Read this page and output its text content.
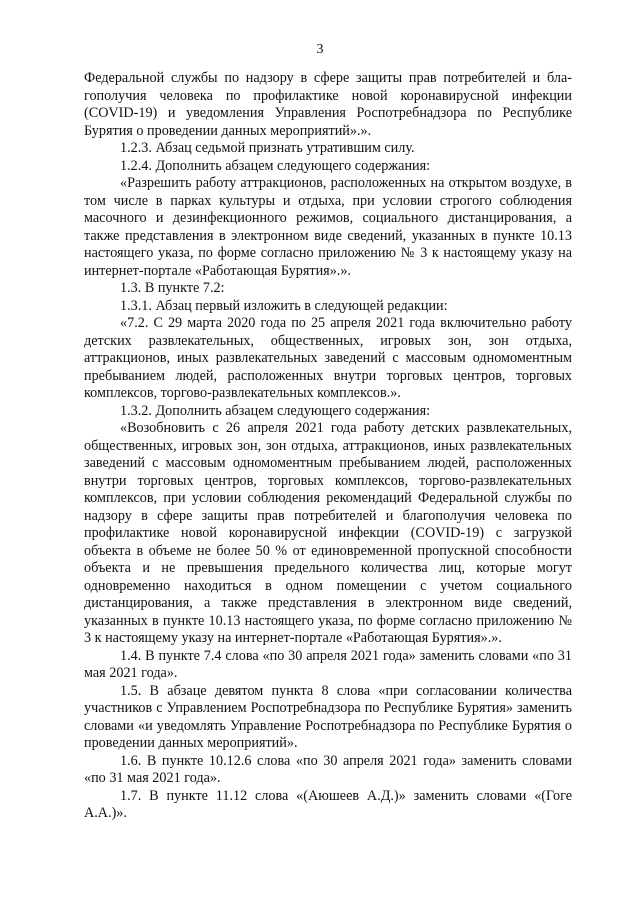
3

Федеральной службы по надзору в сфере защиты прав потребителей и благополучия человека по профилактике новой коронавирусной инфекции (COVID-19) и уведомления Управления Роспотребнадзора по Республике Бурятия о проведении данных мероприятий».».

1.2.3. Абзац седьмой признать утратившим силу.

1.2.4. Дополнить абзацем следующего содержания:

«Разрешить работу аттракционов, расположенных на открытом воздухе, в том числе в парках культуры и отдыха, при условии строгого соблюдения масочного и дезинфекционного режимов, социального дистанцирования, а также представления в электронном виде сведений, указанных в пункте 10.13 настоящего указа, по форме согласно приложению № 3 к настоящему указу на интернет-портале «Работающая Бурятия».».

1.3. В пункте 7.2:

1.3.1. Абзац первый изложить в следующей редакции:

«7.2. С 29 марта 2020 года по 25 апреля 2021 года включительно работу детских развлекательных, общественных, игровых зон, зон отдыха, аттракционов, иных развлекательных заведений с массовым одномоментным пребыванием людей, расположенных внутри торговых центров, торговых комплексов, торгово-развлекательных комплексов.».

1.3.2. Дополнить абзацем следующего содержания:

«Возобновить с 26 апреля 2021 года работу детских развлекательных, общественных, игровых зон, зон отдыха, аттракционов, иных развлекательных заведений с массовым одномоментным пребыванием людей, расположенных внутри торговых центров, торговых комплексов, торгово-развлекательных комплексов, при условии соблюдения рекомендаций Федеральной службы по надзору в сфере защиты прав потребителей и благополучия человека по профилактике новой коронавирусной инфекции (COVID-19) с загрузкой объекта в объеме не более 50 % от единовременной пропускной способности объекта и не превышения предельного количества лиц, которые могут одновременно находиться в одном помещении с учетом социального дистанцирования, а также представления в электронном виде сведений, указанных в пункте 10.13 настоящего указа, по форме согласно приложению № 3 к настоящему указу на интернет-портале «Работающая Бурятия».».

1.4. В пункте 7.4 слова «по 30 апреля 2021 года» заменить словами «по 31 мая 2021 года».

1.5. В абзаце девятом пункта 8 слова «при согласовании количества участников с Управлением Роспотребнадзора по Республике Бурятия» заменить словами «и уведомлять Управление Роспотребнадзора по Республике Бурятия о проведении данных мероприятий».

1.6. В пункте 10.12.6 слова «по 30 апреля 2021 года» заменить словами «по 31 мая 2021 года».

1.7. В пункте 11.12 слова «(Аюшеев А.Д.)» заменить словами «(Гоге А.А.)».
